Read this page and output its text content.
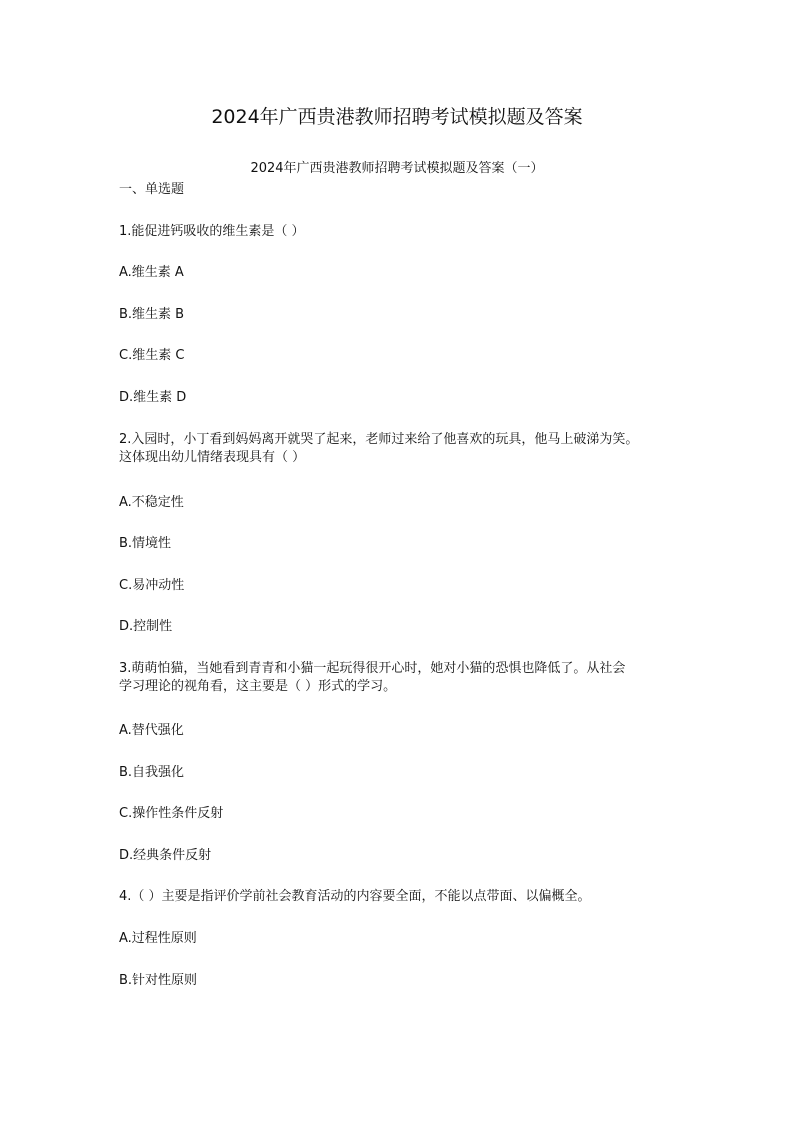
2024年广西贵港教师招聘考试模拟题及答案
2024年广西贵港教师招聘考试模拟题及答案（一）
一、单选题
1.能促进钙吸收的维生素是（ ）

A.维生素 A

B.维生素 B

C.维生素 C

D.维生素 D

2.入园时，小丁看到妈妈离开就哭了起来，老师过来给了他喜欢的玩具，他马上破涕为笑。
这体现出幼儿情绪表现具有（ ）

A.不稳定性

B.情境性

C.易冲动性

D.控制性

3.萌萌怕猫，当她看到青青和小猫一起玩得很开心时，她对小猫的恐惧也降低了。从社会
学习理论的视角看，这主要是（ ）形式的学习。

A.替代强化

B.自我强化

C.操作性条件反射

D.经典条件反射

4.（ ）主要是指评价学前社会教育活动的内容要全面，不能以点带面、以偏概全。

A.过程性原则

B.针对性原则
